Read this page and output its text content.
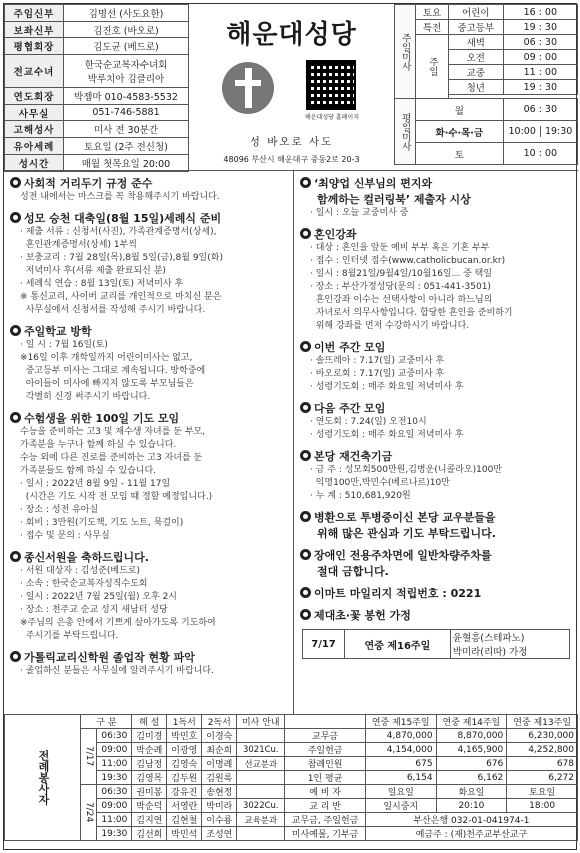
주임신부	김명선 (사도요한)

보좌신부	김진호 (바오로)

평협회장	김도균 (베드로)

전교수녀	한국순교복자수녀회
박루치아 김클리아

연도회장	박젬마 010-4583-5532

사무실	051-746-5881

고해성사	미사 전 30분간

유아세례	토요일 (2주 전신청)

성시간	매월 첫목요일 20:00
해운대성당
해운대성당 홈페이지
성 바오로 사도
48096 부산시 해운대구 중동2로 20-3
주일미사	토요	어린이	16 : 00
	특전	중고등부	19 : 30
	주일	새벽	06 : 30
		오전	09 : 00
		교중	11 : 00
		청년	19 : 30

평일미사	월		06 : 30
	화·수·목·금		10:00 19:30
	토		10 : 00
사회적 거리두기 규정 준수
성전 내에서는 마스크를 꼭 착용해주시기 바랍니다.
성모 승천 대축일(8월 15일)세례식 준비
· 제출 서류 : 신청서(사진), 가족관계증명서(상세),
혼인관계증명서(상세) 1부씩
· 보충교리 : 7월 28일(목),8월 5일(금),8월 9일(화)
저녁미사 후(서류 제출 완료되신 분)
· 세례식 연습 : 8월 13일(토) 저녁미사 후
※ 통신교리, 사이버 교리를 개인적으로 마치신 분은
사무실에서 신청서를 작성해 주시기 바랍니다.
주일학교 방학
· 일 시 : 7월 16일(토)
※16일 이후 개학일까지 어린이미사는 없고,
중고등부 미사는 그대로 계속됩니다. 방학중에
아이들이 미사에 빠지지 않도록 부모님들은
각별히 신경 써주시기 바랍니다.
수험생을 위한 100일 기도 모임
수능을 준비하는 고3 및 재수생 자녀를 둔 부모,
가족분을 누구나 함께 하실 수 있습니다.
수능 외에 다른 진로를 준비하는 고3 자녀를 둔
가족분들도 함께 하실 수 있습니다.
· 일시 : 2022년 8월 9일 - 11월 17일
(시간은 기도 시작 전 모임 때 정할 예정입니다.)
· 장소 : 성전 유아실
· 회비 : 3만원(기도책, 기도 노트, 묵걸이)
· 접수 및 문의 : 사무실
종신서원을 축하드립니다.
· 서원 대상자 : 김성준(베드로)
· 소속 : 한국순교복자성직수도회
· 일시 : 2022년 7월 25일(월) 오후 2시
· 장소 : 천주교 순교 성지 새남터 성당
※주님의 은총 안에서 기쁘게 살아가도록 기도하여
주시기를 부탁드립니다.
가톨릭교리신학원 졸업작 현황 파악
· 졸업하신 분들은 사무실에 알려주시기 바랍니다.
‘최양업 신부님의 편지와
함께하는 컬러링북’ 제출자 시상
· 일시 : 오늘 교중미사 중
혼인강좌
· 대상 : 혼인을 앞둔 예비 부부 혹은 기혼 부부
· 접수 : 인터넷 접수(www.catholicbucan.or.kr)
· 일시 : 8월21일/9월4일/10월16일... 중 택일
· 장소 : 부산가정성당(문의 : 051-441-3501)
혼인강좌 이수는 선택사항이 아니라 하느님의
자녀로서 의무사항입니다. 합당한 혼인을 준비하기
위해 강좌를 먼저 수강하시기 바랍니다.
이번 주간 모임
· 솔뜨레아 : 7.17(일) 교중미사 후
· 바오로회 : 7.17(일) 교중미사 후
· 성령기도회 : 매주 화요일 저녁미사 후
다음 주간 모임
· 연도회 : 7.24(일) 오전10시
· 성령기도회 : 매주 화요일 저녁미사 후
본당 재건축기금
· 금 주 : 성모회500만원,김병운(니콜라오)100만
익명100만,박민수(베르나르)10만
· 누 계 : 510,681,920원
병환으로 투병중이신 본당 교우분들을
위해 많은 관심과 기도 부탁드립니다.
장애인 전용주차면에 일반차량주차를
절대 금합니다.
이마트 마일리지 적립번호 : 0221
제대초·꽃 봉헌 가정
7/17	연중 제16주일	
윤혈흥(스테파노)
박미라(리따) 가정
전례봉사자	구 분		해 설	1독서	2독서	미사 안내		연중 제15주일	연중 제14주일	연중 제13주일
	7/17	06:30	김미경	박민호	이경숙		교무금	4,870,000	8,870,000	6,230,000
		09:00	박순례	이광영	최순희	3021Cu.	주일헌금	4,154,000	4,165,900	4,252,800
		11:00	김남정	김영숙	이명례	선교분과	참례인원	675	676	678
		19:30	김영목	김두원	김원록		1인 평균	6,154	6,162	6,272
	7/24	06:30	권미봉	강유진	송현정		예 비 자	일요일	화요일	토요일
		09:00	박순덕	서영란	박미라	3022Cu.	교 리 반	일시중지	20:10	18:00
		11:00	김지연	김현철	이수룡	교육분과	교무금, 주일헌금	부산은행 032-01-041974-1		
		19:30	김선희	박민석	조성연		미사예물, 기부금	예금주 : (재)천주교부산교구		
